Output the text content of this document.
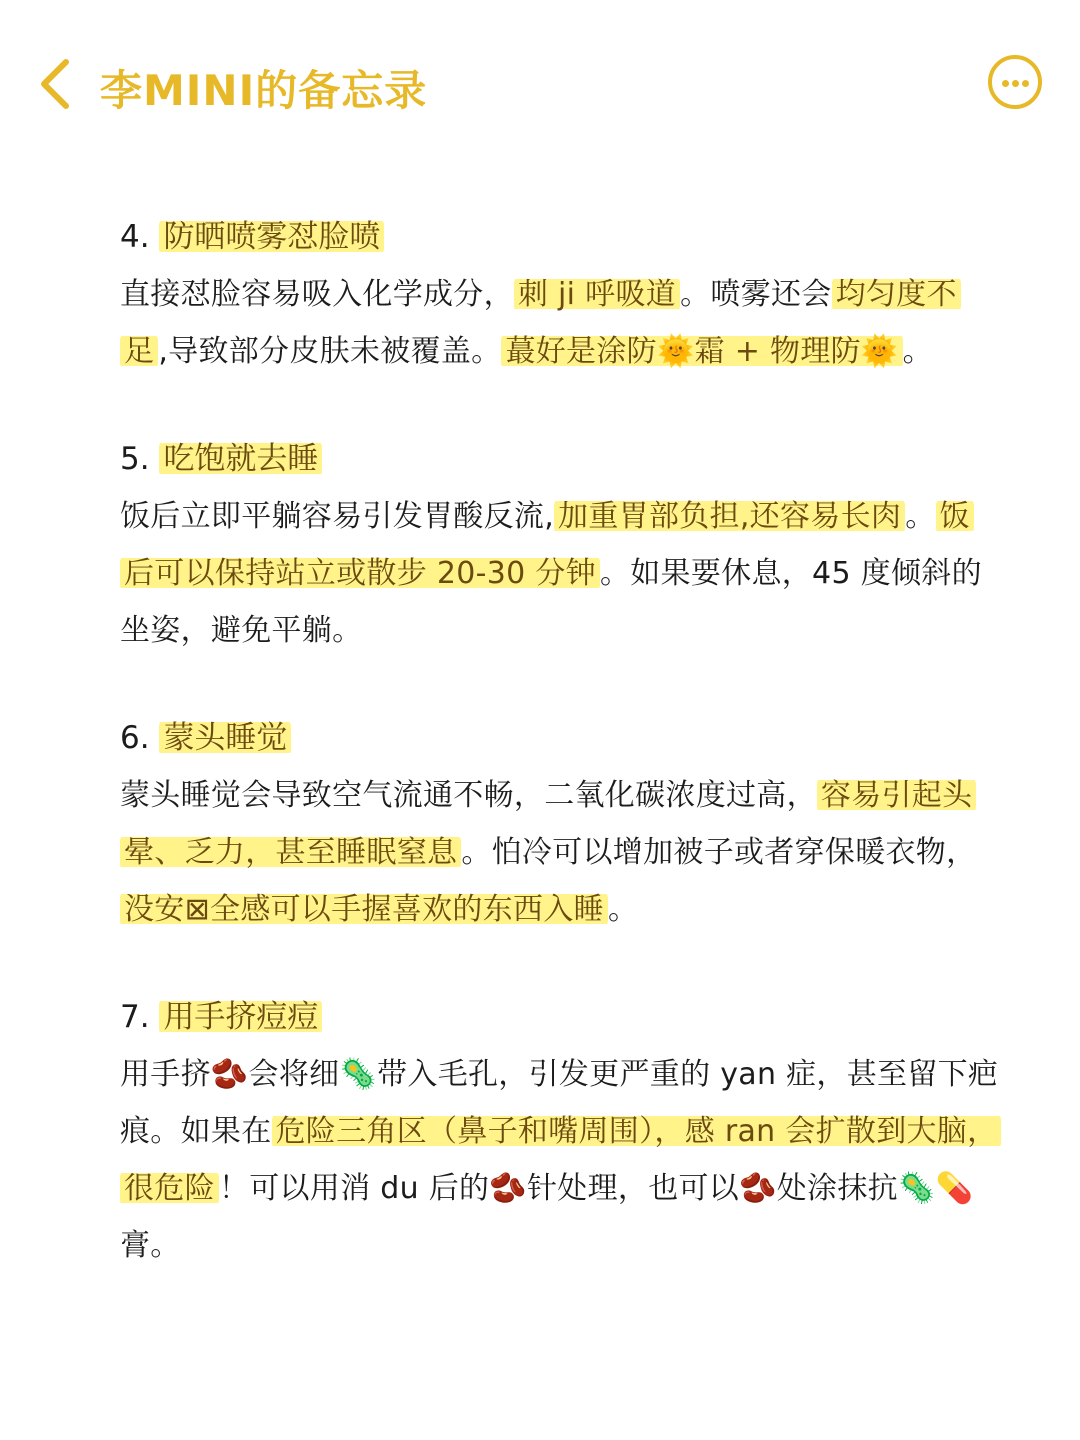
李MINI的备忘录
4. 防晒喷雾怼脸喷
直接怼脸容易吸入化学成分， 刺 ji 呼吸道 。喷雾还会 均匀度不足 ,导致部分皮肤未被覆盖。 蕞好是涂防🌞霜 + 物理防🌞 。
5. 吃饱就去睡
饭后立即平躺容易引发胃酸反流, 加重胃部负担,还容易长肉 。 饭后可以保持站立或散步 20-30 分钟 。如果要休息，45 度倾斜的坐姿，避免平躺。
6. 蒙头睡觉
蒙头睡觉会导致空气流通不畅，二氧化碳浓度过高， 容易引起头晕、乏力，甚至睡眠窒息 。怕冷可以增加被子或者穿保暖衣物，没安⊠全感可以手握喜欢的东西入睡 。
7. 用手挤痘痘
用手挤🫘会将细🦠带入毛孔，引发更严重的 yan 症，甚至留下疤痕。如果在 危险三角区（鼻子和嘴周围），感 ran 会扩散到大脑，很危险 ！可以用消 du 后的🫘针处理，也可以🫘处涂抹抗🦠💊膏。
